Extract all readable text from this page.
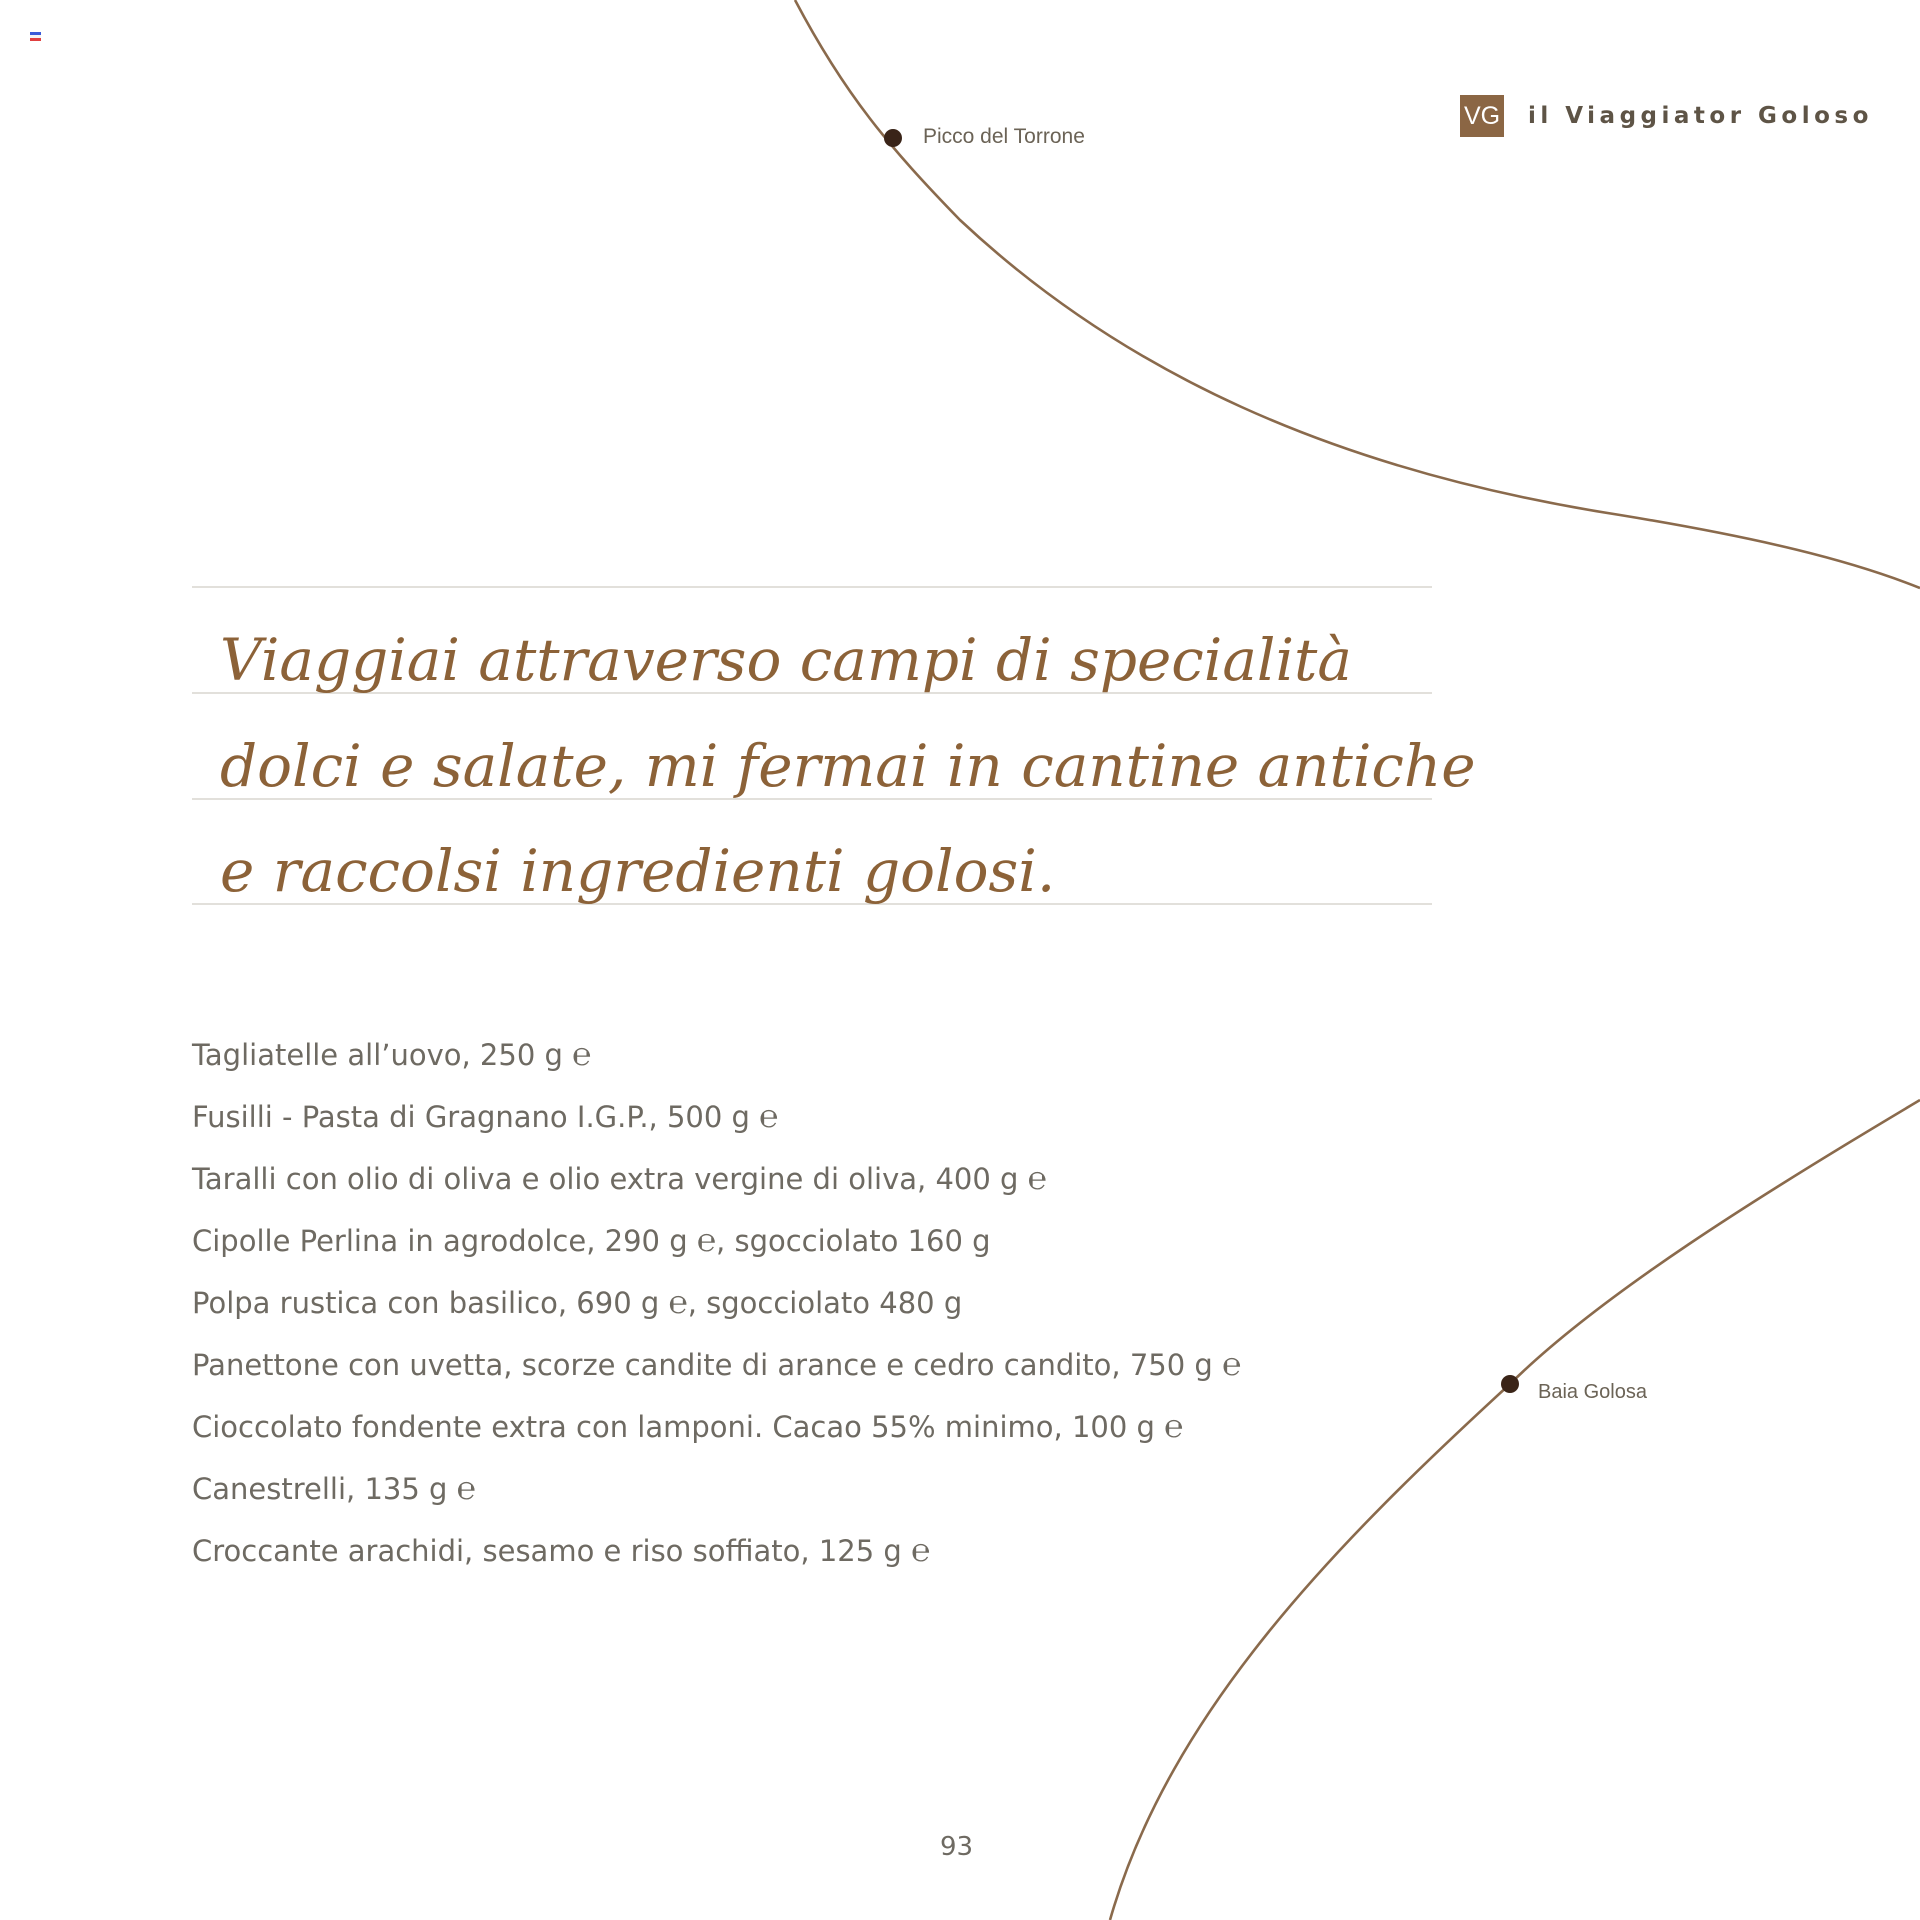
Picco del Torrone
Baia Golosa
VG il Viaggiator Goloso
Viaggiai attraverso campi di specialità
dolci e salate, mi fermai in cantine antiche
e raccolsi ingredienti golosi.
Tagliatelle all’uovo, 250 g ℮
Fusilli - Pasta di Gragnano I.G.P., 500 g ℮
Taralli con olio di oliva e olio extra vergine di oliva, 400 g ℮
Cipolle Perlina in agrodolce, 290 g ℮, sgocciolato 160 g
Polpa rustica con basilico, 690 g ℮, sgocciolato 480 g
Panettone con uvetta, scorze candite di arance e cedro candito, 750 g ℮
Cioccolato fondente extra con lamponi. Cacao 55% minimo, 100 g ℮
Canestrelli, 135 g ℮
Croccante arachidi, sesamo e riso soffiato, 125 g ℮
93
